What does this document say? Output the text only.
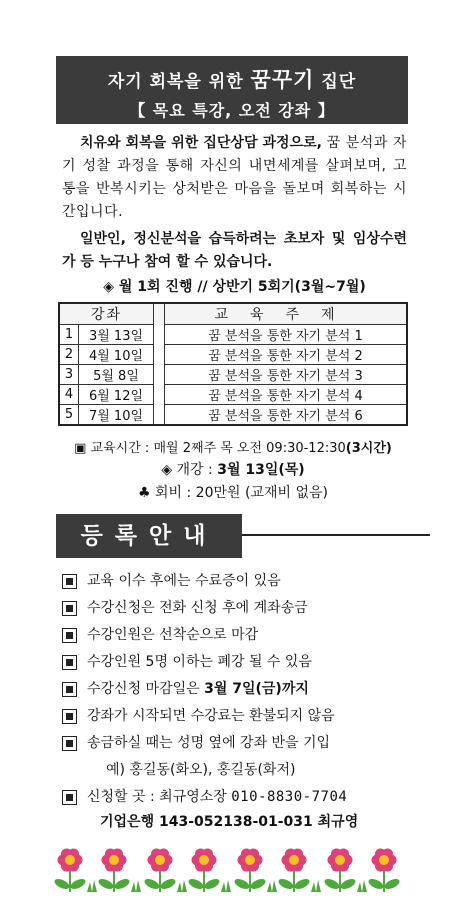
자기 회복을 위한 꿈꾸기 집단
【 목요 특강, 오전 강좌 】

치유와 회복을 위한 집단상담 과정으로, 꿈 분석과 자기 성찰 과정을 통해 자신의 내면세계를 살펴보며, 고통을 반복시키는 상처받은 마음을 돌보며 회복하는 시간입니다.

일반인, 정신분석을 습득하려는 초보자 및 임상수련가 등 누구나 참여 할 수 있습니다.

◈ 월 1회 진행 // 상반기 5회기(3월~7월)
강좌			교육주제
1	3월 13일		꿈 분석을 통한 자기 분석 1
2	4월 10일		꿈 분석을 통한 자기 분석 2
3	5월 8일		꿈 분석을 통한 자기 분석 3
4	6월 12일		꿈 분석을 통한 자기 분석 4
5	7월 10일		꿈 분석을 통한 자기 분석 6
▣ 교육시간 : 매월 2째주 목 오전 09:30-12:30(3시간)
◈ 개강 : 3월 13일(목)
♣ 회비 : 20만원 (교재비 없음)
등록안내
교육 이수 후에는 수료증이 있음
수강신청은 전화 신청 후에 계좌송금
수강인원은 선착순으로 마감
수강인원 5명 이하는 폐강 될 수 있음
수강신청 마감일은 3월 7일(금)까지
강좌가 시작되면 수강료는 환불되지 않음
송금하실 때는 성명 옆에 강좌 반을 기입
예) 홍길동(화오), 홍길동(화저)
신청할 곳 : 최규영소장 010-8830-7704
기업은행 143-052138-01-031 최규영
